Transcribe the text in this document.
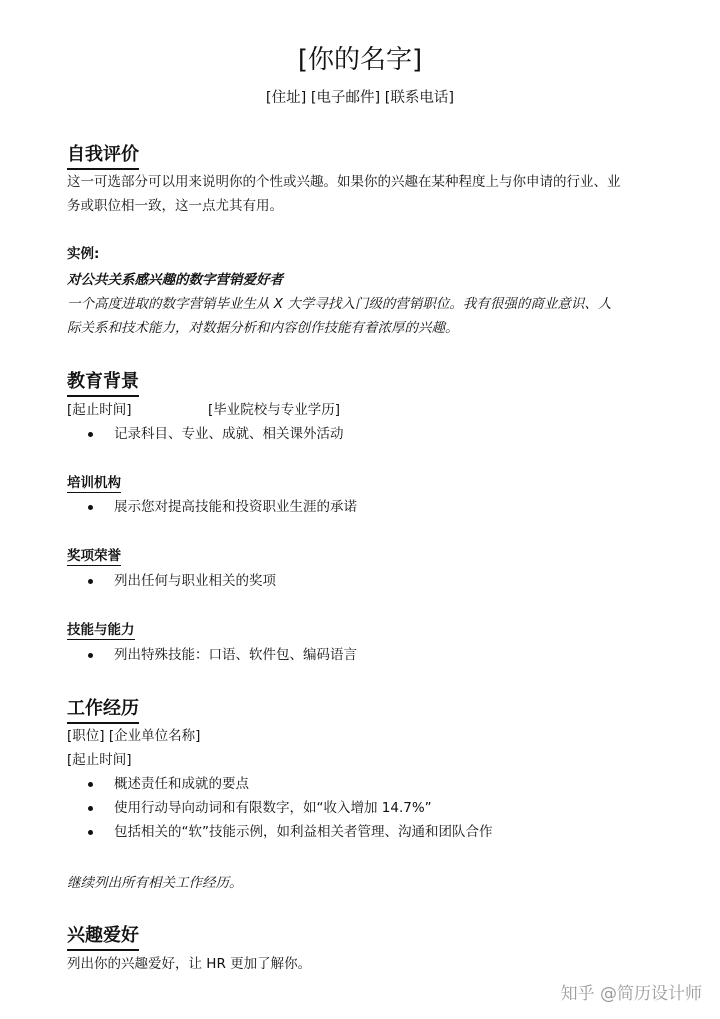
[你的名字]
[住址] [电子邮件] [联系电话]
自我评价
这一可选部分可以用来说明你的个性或兴趣。如果你的兴趣在某种程度上与你申请的行业、业
务或职位相一致，这一点尤其有用。
实例:
对公共关系感兴趣的数字营销爱好者
一个高度进取的数字营销毕业生从 X 大学寻找入门级的营销职位。我有很强的商业意识、人
际关系和技术能力，对数据分析和内容创作技能有着浓厚的兴趣。
教育背景
[起止时间]	[毕业院校与专业学历]
记录科目、专业、成就、相关课外活动
培训机构
展示您对提高技能和投资职业生涯的承诺
奖项荣誉
列出任何与职业相关的奖项
技能与能力
列出特殊技能：口语、软件包、编码语言
工作经历
[职位] [企业单位名称]
[起止时间]
概述责任和成就的要点
使用行动导向动词和有限数字，如“收入增加 14.7%”
包括相关的“软”技能示例，如利益相关者管理、沟通和团队合作
继续列出所有相关工作经历。
兴趣爱好
列出你的兴趣爱好，让 HR 更加了解你。
知乎 @简历设计师
